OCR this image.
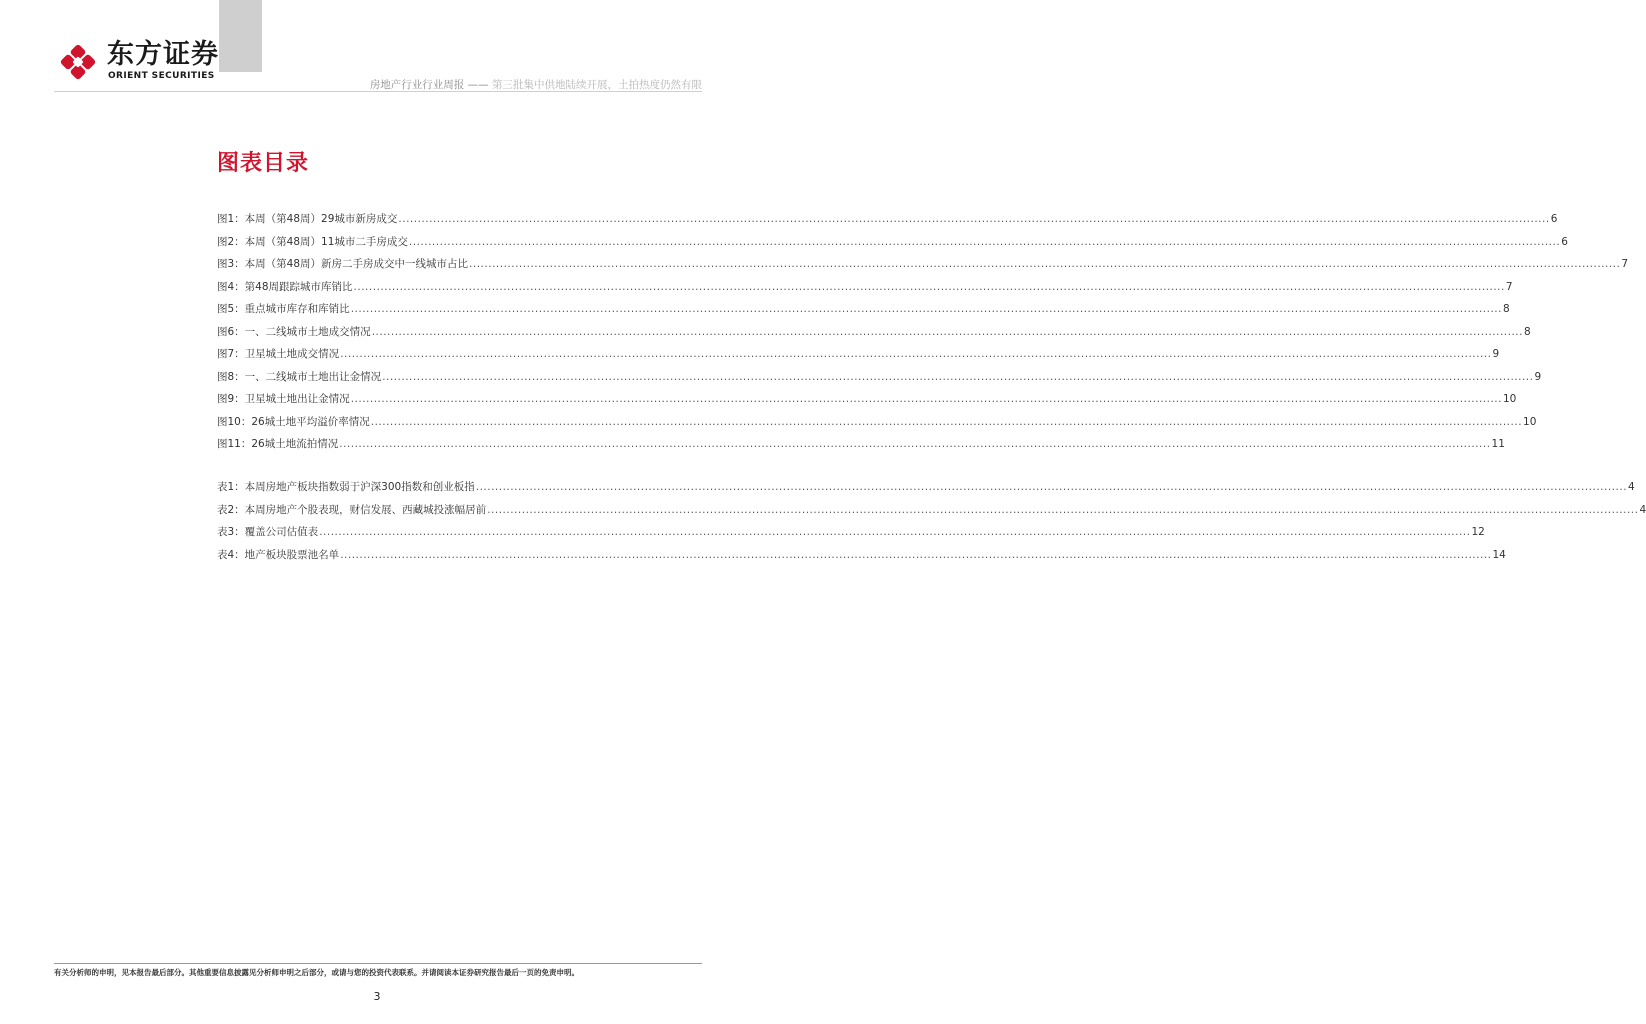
东方证券
ORIENT SECURITIES
房地产行业行业周报 —— 第三批集中供地陆续开展，土拍热度仍然有限
图表目录
图1：本周（第48周）29城市新房成交 ............................................................................................................................................................................................................................................................................................................ 6
图2：本周（第48周）11城市二手房成交 ............................................................................................................................................................................................................................................................................................................ 6
图3：本周（第48周）新房二手房成交中一线城市占比 ............................................................................................................................................................................................................................................................................................................ 7
图4：第48周跟踪城市库销比 ............................................................................................................................................................................................................................................................................................................ 7
图5：重点城市库存和库销比 ............................................................................................................................................................................................................................................................................................................ 8
图6：一、二线城市土地成交情况 ............................................................................................................................................................................................................................................................................................................ 8
图7：卫星城土地成交情况 ............................................................................................................................................................................................................................................................................................................ 9
图8：一、二线城市土地出让金情况 ............................................................................................................................................................................................................................................................................................................ 9
图9：卫星城土地出让金情况 ............................................................................................................................................................................................................................................................................................................ 10
图10：26城土地平均溢价率情况 ............................................................................................................................................................................................................................................................................................................ 10
图11：26城土地流拍情况 ............................................................................................................................................................................................................................................................................................................ 11
表1：本周房地产板块指数弱于沪深300指数和创业板指 ............................................................................................................................................................................................................................................................................................................ 4
表2：本周房地产个股表现，财信发展、西藏城投涨幅居前 ............................................................................................................................................................................................................................................................................................................ 4
表3：覆盖公司估值表 ............................................................................................................................................................................................................................................................................................................ 12
表4：地产板块股票池名单 ............................................................................................................................................................................................................................................................................................................ 14
有关分析师的申明，见本报告最后部分。其他重要信息披露见分析师申明之后部分，或请与您的投资代表联系。并请阅读本证券研究报告最后一页的免责申明。
3
